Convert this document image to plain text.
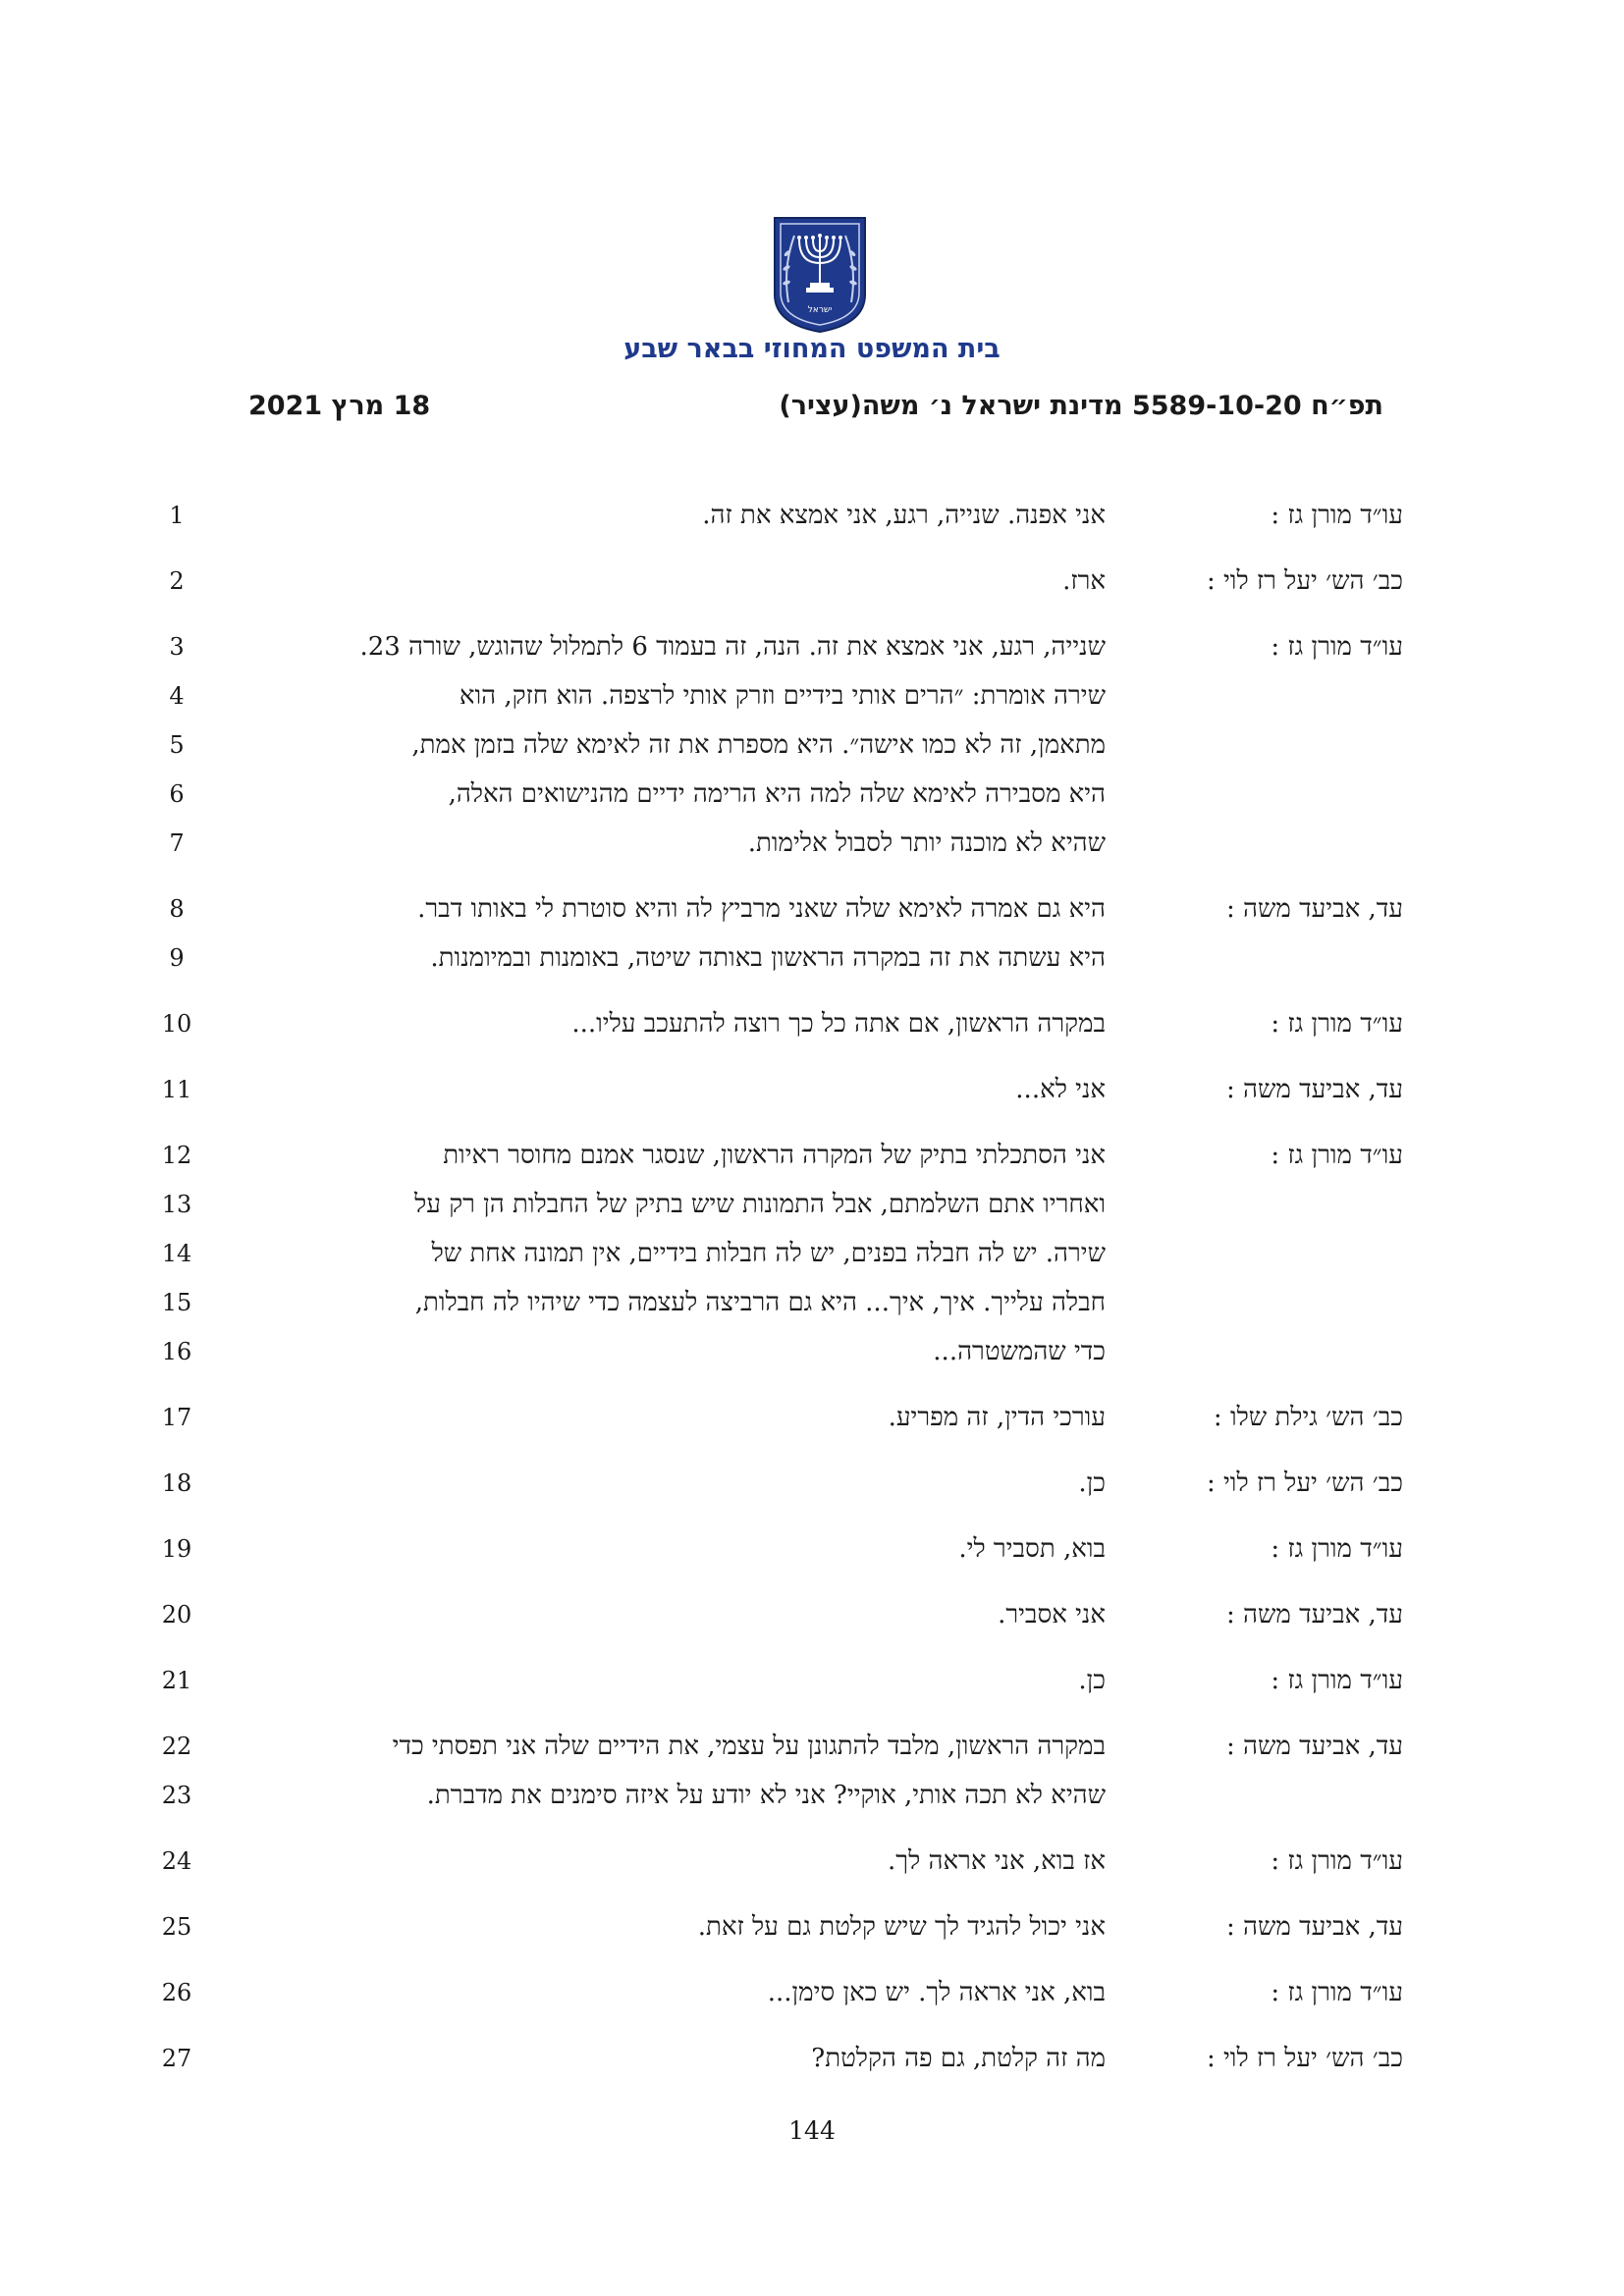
ישראל
בית המשפט המחוזי בבאר שבע
תפ״ח 5589-10-20 מדינת ישראל נ׳ משה(עציר)
18 מרץ 2021
עו״ד מורן גז :
1	אני אפנה. שנייה, רגע, אני אמצא את זה.
כב׳ הש׳ יעל רז לוי :
2	ארז.
עו״ד מורן גז :
3	שנייה, רגע, אני אמצא את זה. הנה, זה בעמוד 6 לתמלול שהוגש, שורה 23.
4	שירה אומרת: ״הרים אותי בידיים וזרק אותי לרצפה. הוא חזק, הוא
5	מתאמן, זה לא כמו אישה״. היא מספרת את זה לאימא שלה בזמן אמת,
6	היא מסבירה לאימא שלה למה היא הרימה ידיים מהנישואים האלה,
7	שהיא לא מוכנה יותר לסבול אלימות.
עד, אביעד משה :
8	היא גם אמרה לאימא שלה שאני מרביץ לה והיא סוטרת לי באותו דבר.
9	היא עשתה את זה במקרה הראשון באותה שיטה, באומנות ובמיומנות.
עו״ד מורן גז :
10	במקרה הראשון, אם אתה כל כך רוצה להתעכב עליו...
עד, אביעד משה :
11	אני לא...
עו״ד מורן גז :
12	אני הסתכלתי בתיק של המקרה הראשון, שנסגר אמנם מחוסר ראיות
13	ואחריו אתם השלמתם, אבל התמונות שיש בתיק של החבלות הן רק על
14	שירה. יש לה חבלה בפנים, יש לה חבלות בידיים, אין תמונה אחת של
15	חבלה עלייך. איך, איך... היא גם הרביצה לעצמה כדי שיהיו לה חבלות,
16	כדי שהמשטרה...
כב׳ הש׳ גילת שלו :
17	עורכי הדין, זה מפריע.
כב׳ הש׳ יעל רז לוי :
18	כן.
עו״ד מורן גז :
19	בוא, תסביר לי.
עד, אביעד משה :
20	אני אסביר.
עו״ד מורן גז :
21	כן.
עד, אביעד משה :
22	במקרה הראשון, מלבד להתגונן על עצמי, את הידיים שלה אני תפסתי כדי
23	שהיא לא תכה אותי, אוקיי? אני לא יודע על איזה סימנים את מדברת.
עו״ד מורן גז :
24	אז בוא, אני אראה לך.
עד, אביעד משה :
25	אני יכול להגיד לך שיש קלטת גם על זאת.
עו״ד מורן גז :
26	בוא, אני אראה לך. יש כאן סימן...
כב׳ הש׳ יעל רז לוי :
27	מה זה קלטת, גם פה הקלטת?
144
